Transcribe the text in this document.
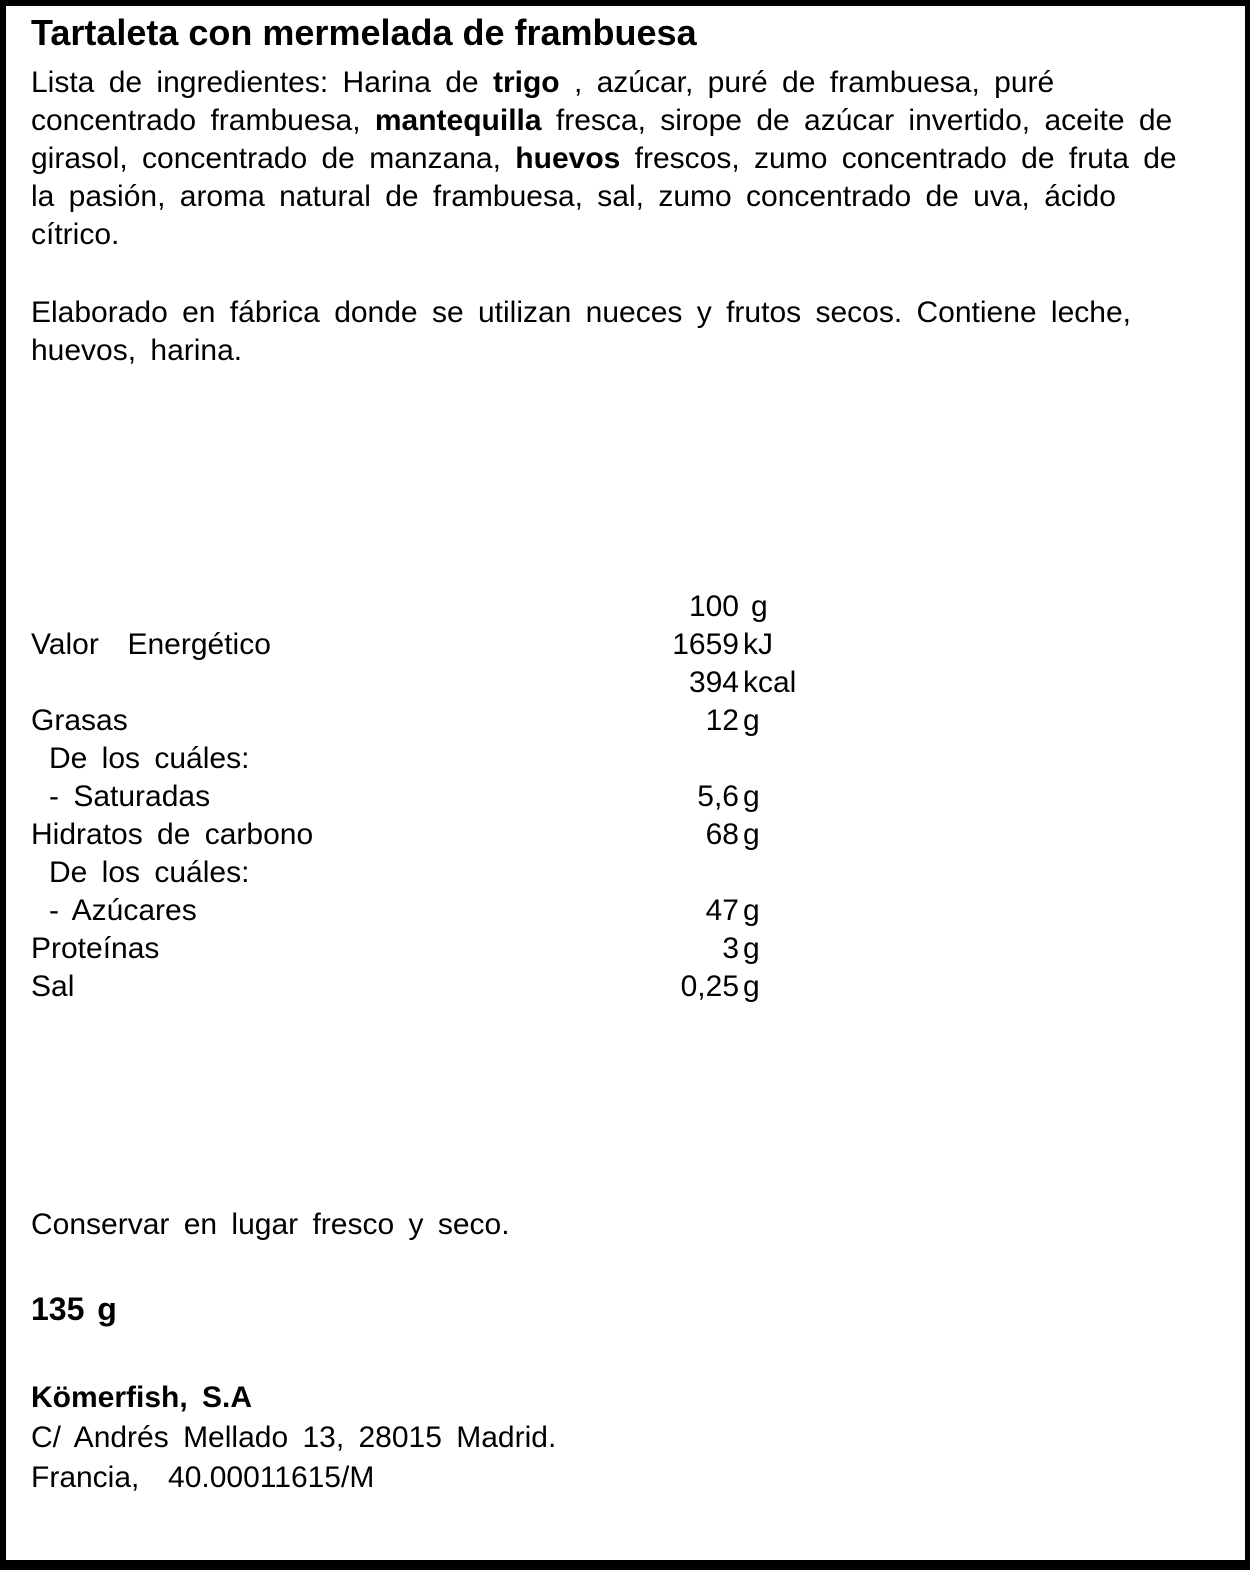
Tartaleta con mermelada de frambuesa

Lista de ingredientes: Harina de trigo , azúcar, puré de frambuesa, puré concentrado frambuesa, mantequilla fresca, sirope de azúcar invertido, aceite de girasol, concentrado de manzana, huevos frescos, zumo concentrado de fruta de la pasión, aroma natural de frambuesa, sal, zumo concentrado de uva, ácido cítrico.

Elaborado en fábrica donde se utilizan nueces y frutos secos. Contiene leche, huevos, harina.

	100	g
Valor  Energético	1659	kJ
	394	kcal
Grasas	12	g
De los cuáles:		
- Saturadas	5,6	g
Hidratos de carbono	68	g
De los cuáles:		
- Azúcares	47	g
Proteínas	3	g
Sal	0,25	g

Conservar en lugar fresco y seco.

135 g

Kömerfish, S.A
C/ Andrés Mellado 13, 28015 Madrid.
Francia,  40.00011615/M
